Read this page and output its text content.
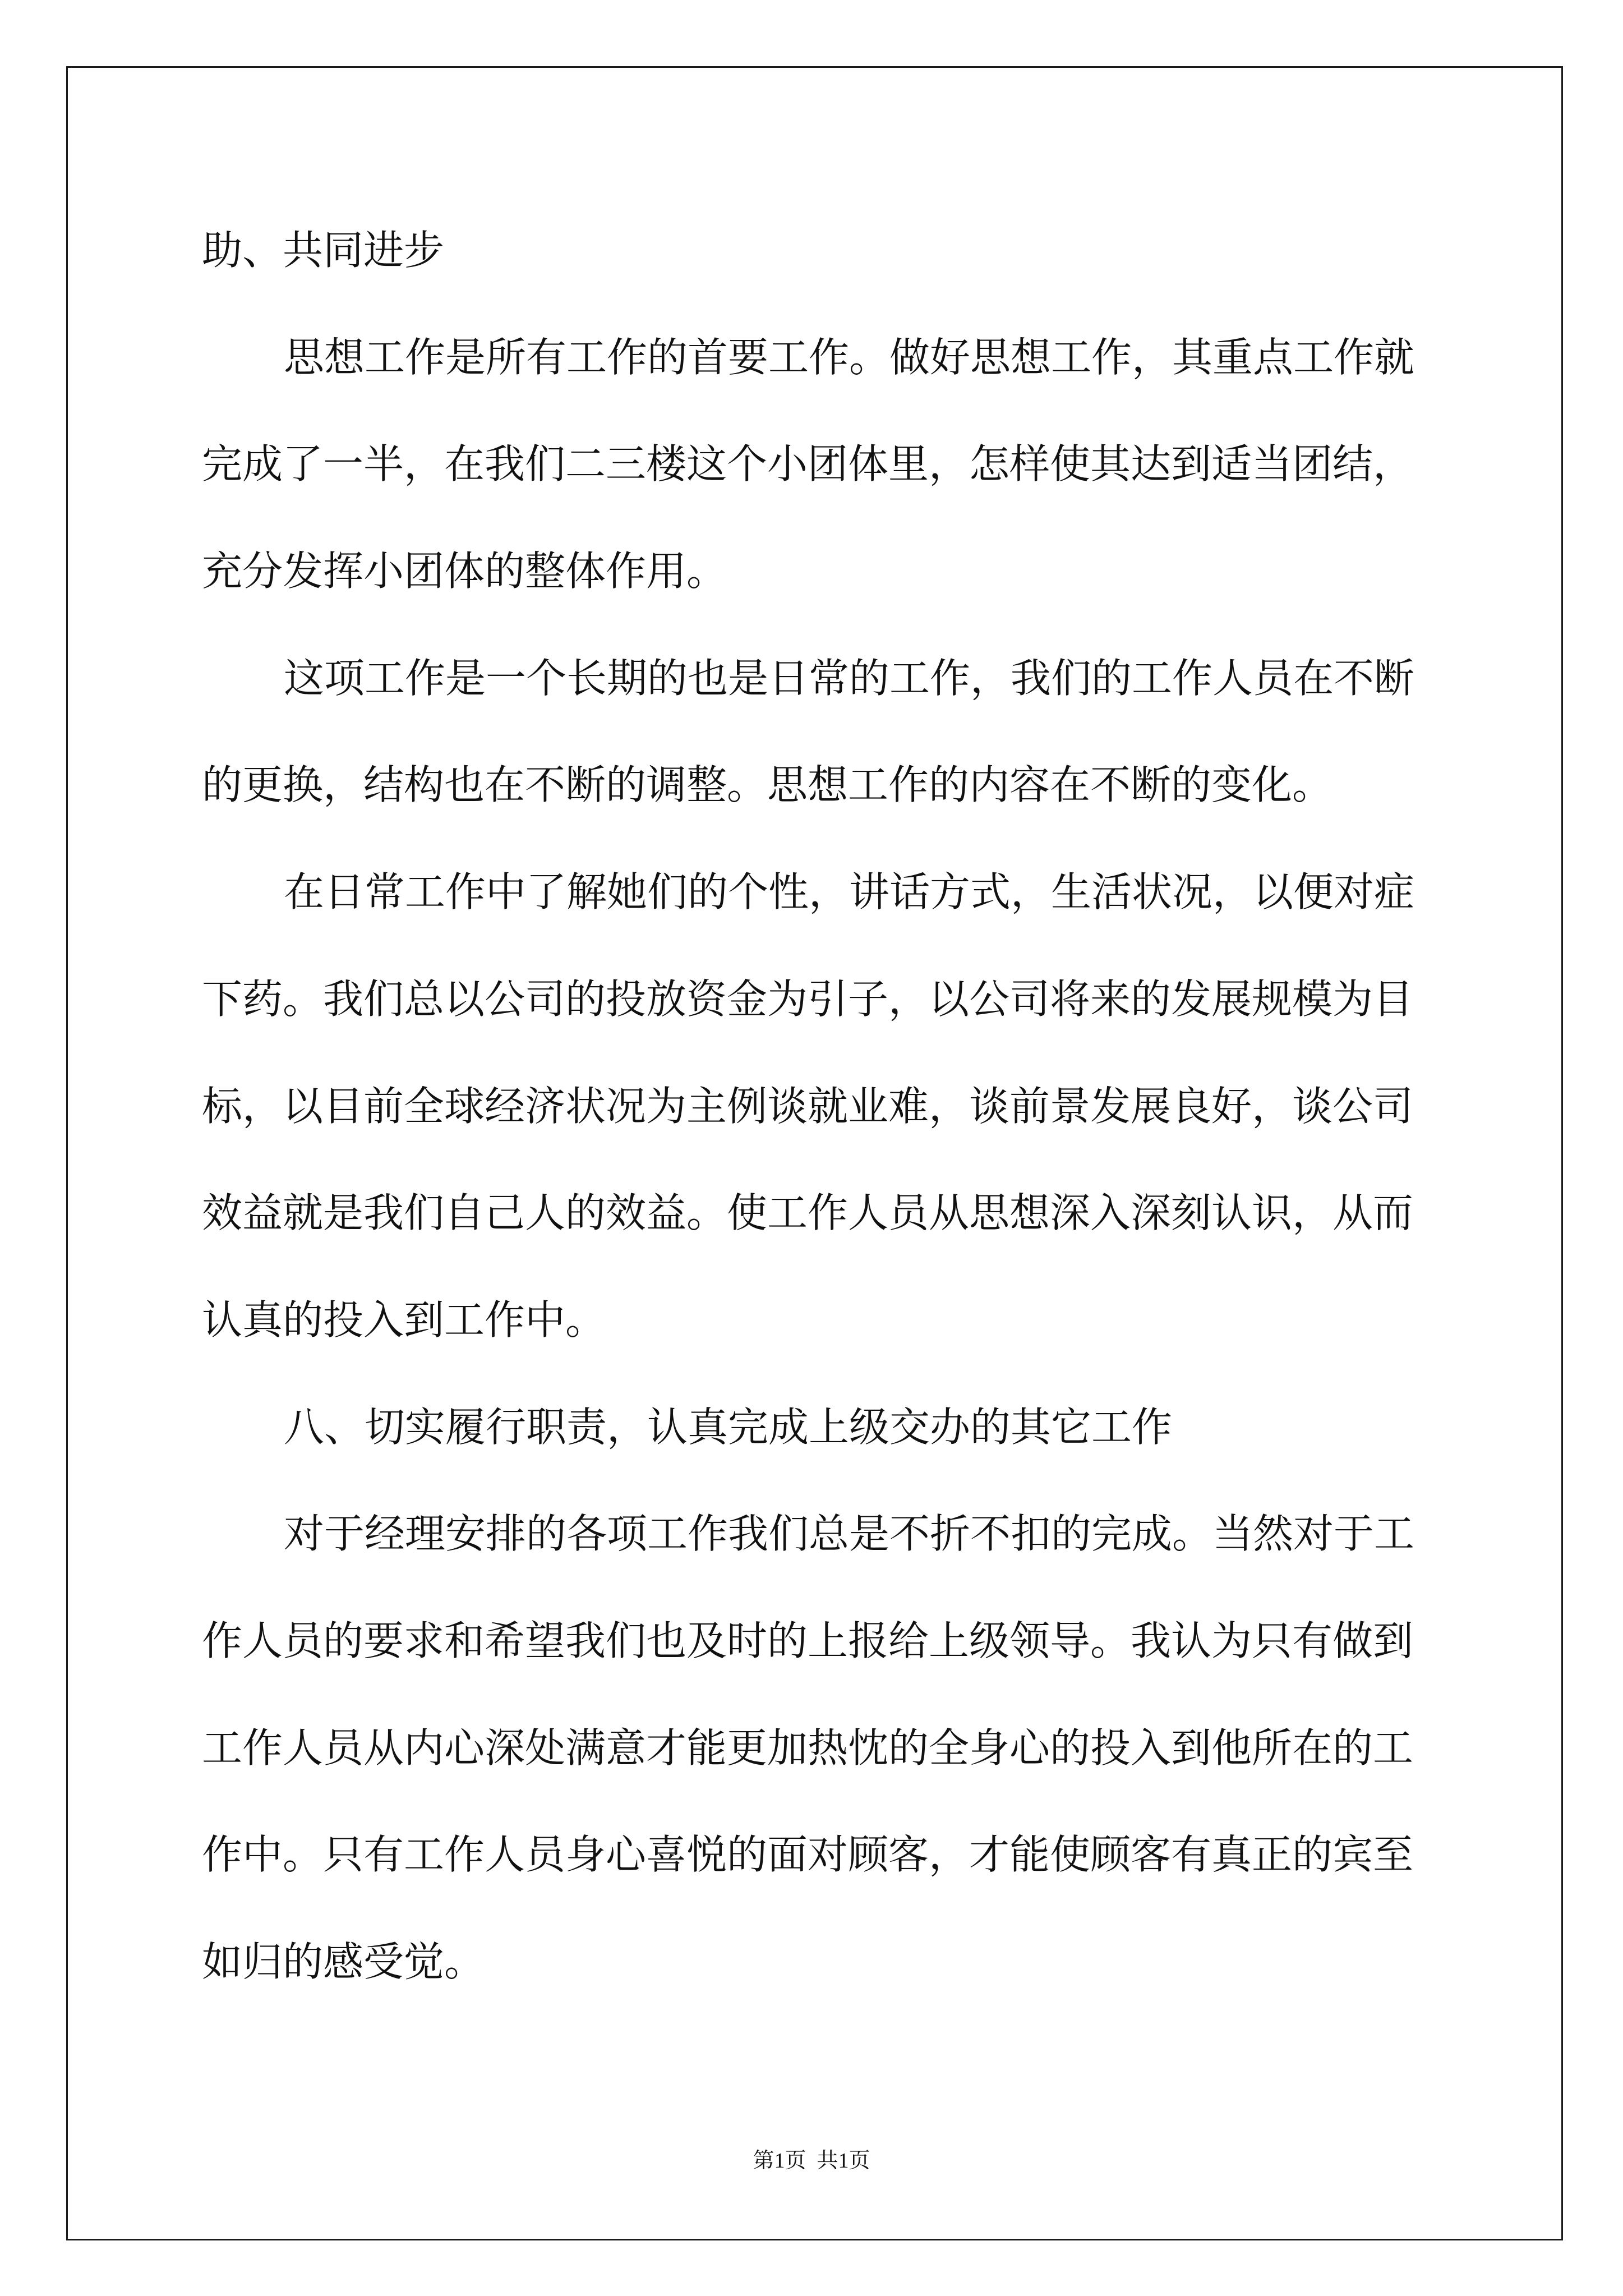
助、共同进步
思想工作是所有工作的首要工作。做好思想工作，其重点工作就
完成了一半，在我们二三楼这个小团体里，怎样使其达到适当团结，
充分发挥小团体的整体作用。
这项工作是一个长期的也是日常的工作，我们的工作人员在不断
的更换，结构也在不断的调整。思想工作的内容在不断的变化。
在日常工作中了解她们的个性，讲话方式，生活状况，以便对症
下药。我们总以公司的投放资金为引子，以公司将来的发展规模为目
标，以目前全球经济状况为主例谈就业难，谈前景发展良好，谈公司
效益就是我们自己人的效益。使工作人员从思想深入深刻认识，从而
认真的投入到工作中。
八、切实履行职责，认真完成上级交办的其它工作
对于经理安排的各项工作我们总是不折不扣的完成。当然对于工
作人员的要求和希望我们也及时的上报给上级领导。我认为只有做到
工作人员从内心深处满意才能更加热忱的全身心的投入到他所在的工
作中。只有工作人员身心喜悦的面对顾客，才能使顾客有真正的宾至
如归的感受觉。
第1页  共1页
